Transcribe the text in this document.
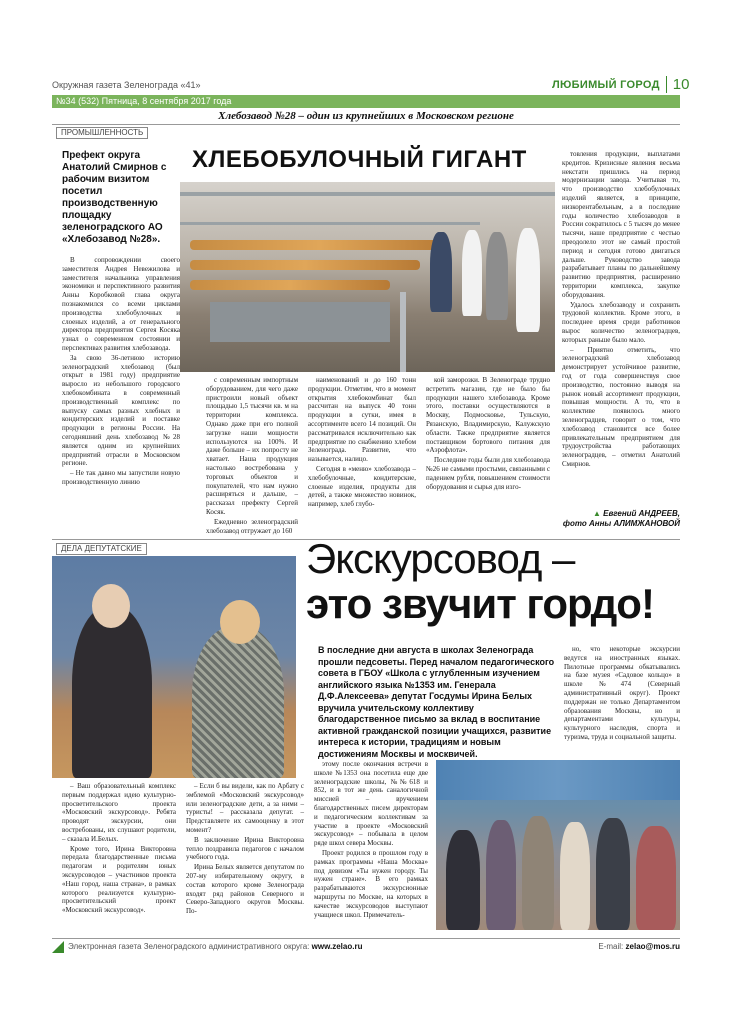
Окружная газета Зеленограда «41»	ЛЮБИМЫЙ ГОРОД 10
№34 (532) Пятница, 8 сентября 2017 года
Хлебозавод №28 – один из крупнейших в Московском регионе
ПРОМЫШЛЕННОСТЬ
Префект округа Анатолий Смирнов с рабочим визитом посетил производственную площадку зеленоградского АО «Хлебозавод №28».
ХЛЕБОБУЛОЧНЫЙ ГИГАНТ

В сопровождении своего заместителя Андрея Невежилова и заместителя начальника управления экономики и перспективного развития Анны Коробковой глава округа познакомился со всеми циклами производства хлебобулочных и слоеных изделий, а от генерального директора предприятия Сергея Косяка узнал о современном состоянии и перспективах развития хлебозавода.

За свою 36-летнюю историю зеленоградский хлебозавод (был открыт в 1981 году) предприятие выросло из небольшого городского хлебокомбината в современный производственный комплекс по выпуску самых разных хлебных и кондитерских изделий и поставке продукции в регионы России. На сегодняшний день хлебозавод №28 является одним из крупнейших предприятий отрасли в Московском регионе.

– Не так давно мы запустили новую производственную линию

с современным импортным оборудованием, для чего даже пристроили новый объект площадью 1,5 тысячи кв. м на территории комплекса. Однако даже при его полной загрузке наши мощности используются на 100%. И даже больше – их попросту не хватает. Наша продукция настолько востребована у торговых объектов и покупателей, что нам нужно расширяться и дальше, – рассказал префекту Сергей Косяк.

Ежедневно зеленоградский хлебозавод отгружает до 160

наименований и до 160 тонн продукции. Отметим, что в момент открытия хлебокомбинат был рассчитан на выпуск 40 тонн продукции в сутки, имея в ассортименте всего 14 позиций. Он рассматривался исключительно как предприятие по снабжению хлебом Зеленограда. Развитие, что называется, налицо.

Сегодня в «меню» хлебозавода – хлебобулочные, кондитерские, слоеные изделия, продукты для детей, а также множество новинок, например, хлеб глубо-

кой заморозки. В Зеленограде трудно встретить магазин, где не было бы продукции нашего хлебозавода. Кроме этого, поставки осуществляются в Москву, Подмосковье, Тульскую, Рязанскую, Владимирскую, Калужскую области. Также предприятие является поставщиком бортового питания для «Аэрофлота».

Последние годы были для хлебозавода №26 не самыми простыми, связанными с падением рубля, повышением стоимости оборудования и сырья для изго-

товления продукции, выплатами кредитов. Кризисные явления весьма некстати пришлись на период модернизации завода. Учитывая то, что производство хлебобулочных изделий является, в принципе, низкорентабельным, а в последние годы количество хлебозаводов в России сократилось с 5 тысяч до менее тысячи, наше предприятие с честью преодолело этот не самый простой период и сегодня готово двигаться дальше. Руководство завода разрабатывает планы по дальнейшему развитию предприятия, расширению территории комплекса, закупке оборудования.

Удалось хлебозаводу и сохранить трудовой коллектив. Кроме этого, в последнее время среди работников вырос количество зеленоградцев, которых раньше было мало.

– Приятно отметить, что зеленоградский хлебозавод демонстрирует устойчивое развитие, год от года совершенствуя свое производство, постоянно выводя на рынок новый ассортимент продукции, повышая мощности. А то, что в коллективе появилось много зеленоградцев, говорит о том, что хлебозавод становится все более привлекательным предприятием для трудоустройства работающих зеленоградцев, – отметил Анатолий Смирнов.

▲ Евгений АНДРЕЕВ,
фото Анны АЛИМЖАНОВОЙ
ДЕЛА ДЕПУТАТСКИЕ	Экскурсовод –
это звучит гордо!
В последние дни августа в школах Зеленограда прошли педсоветы. Перед началом педагогического совета в ГБОУ «Школа с углубленным изучением английского языка №1353 им. Генерала Д.Ф.Алексеева» депутат Госдумы Ирина Белых вручила учительскому коллективу благодарственное письмо за вклад в воспитание активной гражданской позиции учащихся, развитие интереса к истории, традициям и новым достижениям Москвы и москвичей.

но, что некоторые экскурсии ведутся на иностранных языках. Пилотные программы обкатывались на базе музея «Садовое кольцо» в школе №474 (Северный административный округ). Проект поддержан не только Департаментом образования Москвы, но и департаментами культуры, культурного наследия, спорта и туризма, труда и социальной защиты.

– Ваш образовательный комплекс первым поддержал идею культурно-просветительского проекта «Московский экскурсовод». Ребята проводят экскурсии, они востребованы, их слушают родители, – сказала И.Белых.

Кроме того, Ирина Викторовна передала благодарственные письма педагогам и родителям юных экскурсоводов – участников проекта «Наш город, наша страна», в рамках которого реализуется культурно-просветительский проект «Московский экскурсовод».

– Если б вы видели, как по Арбату с эмблемой «Московский экскурсовод» или зеленоградские дети, а за ними – туристы! – рассказала депутат. – Представляете их самооценку в этот момент?

В заключение Ирина Викторовна тепло поздравила педагогов с началом учебного года.

Ирина Белых является депутатом по 207-му избирательному округу, в состав которого кроме Зеленограда входят ряд районов Северного и Северо-Западного округов Москвы. По-

этому после окончания встречи в школе №1353 она посетила еще две зеленоградские школы, №№618 и 852, и в тот же день саналогичной миссией – вручением благодарственных писем директорам и педагогическим коллективам за участие в проекте «Московский экскурсовод» – побывала в целом ряде школ севера Москвы.

Проект родился в прошлом году в рамках программы «Наша Москва» под девизом «Ты нужен городу. Ты нужен стране». В его рамках разрабатываются экскурсионные маршруты по Москве, на которых в качестве экскурсоводов выступают учащиеся школ. Примечатель-

Электронная газета Зеленоградского административного округа:
www.zelao.ru	E-mail: zelao@mos.ru
